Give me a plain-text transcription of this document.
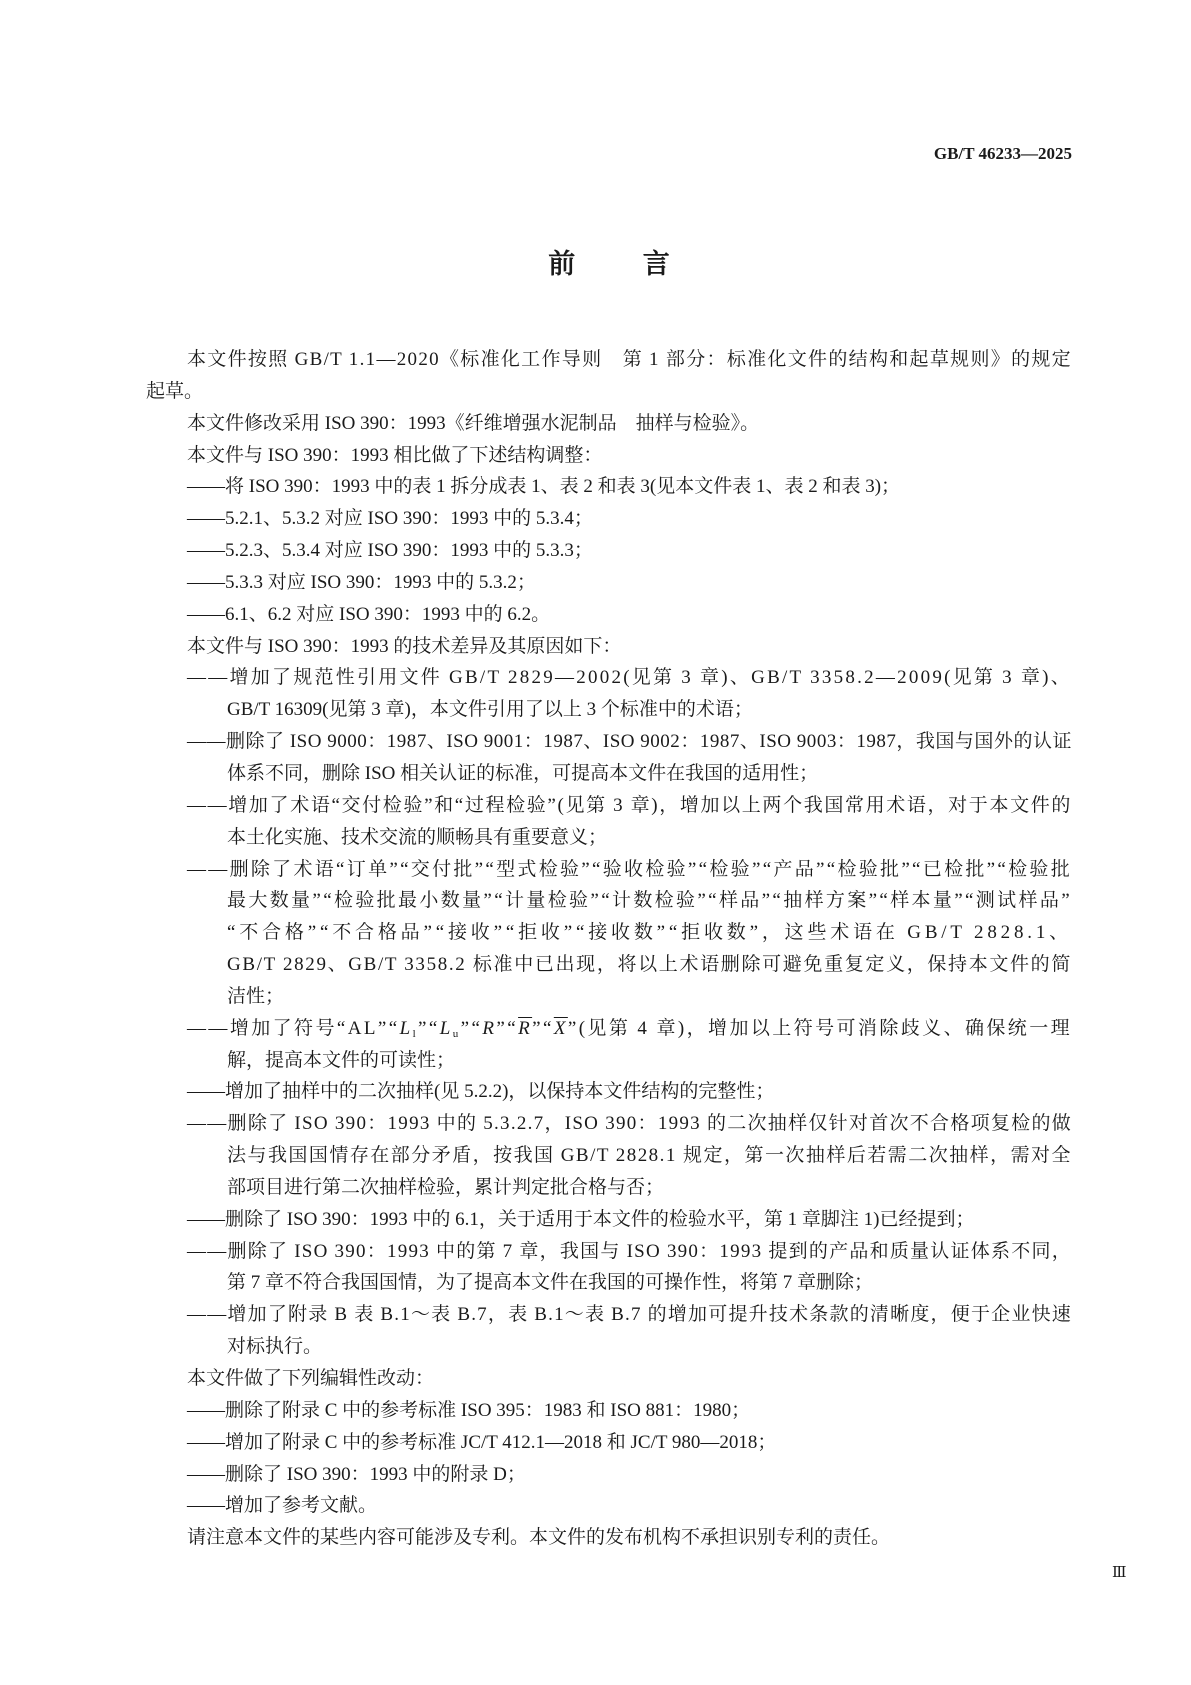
GB/T 46233—2025
前言
本文件按照 GB/T 1.1—2020《标准化工作导则　第 1 部分：标准化文件的结构和起草规则》的规定
起草。
本文件修改采用 ISO 390：1993《纤维增强水泥制品　抽样与检验》。
本文件与 ISO 390：1993 相比做了下述结构调整：
——将 ISO 390：1993 中的表 1 拆分成表 1、表 2 和表 3(见本文件表 1、表 2 和表 3)；
——5.2.1、5.3.2 对应 ISO 390：1993 中的 5.3.4；
——5.2.3、5.3.4 对应 ISO 390：1993 中的 5.3.3；
——5.3.3 对应 ISO 390：1993 中的 5.3.2；
——6.1、6.2 对应 ISO 390：1993 中的 6.2。
本文件与 ISO 390：1993 的技术差异及其原因如下：
——增加了规范性引用文件 GB/T 2829—2002(见第 3 章)、GB/T 3358.2—2009(见第 3 章)、
GB/T 16309(见第 3 章)，本文件引用了以上 3 个标准中的术语；
——删除了 ISO 9000：1987、ISO 9001：1987、ISO 9002：1987、ISO 9003：1987，我国与国外的认证
体系不同，删除 ISO 相关认证的标准，可提高本文件在我国的适用性；
——增加了术语“交付检验”和“过程检验”(见第 3 章)，增加以上两个我国常用术语，对于本文件的
本土化实施、技术交流的顺畅具有重要意义；
——删除了术语“订单”“交付批”“型式检验”“验收检验”“检验”“产品”“检验批”“已检批”“检验批
最大数量”“检验批最小数量”“计量检验”“计数检验”“样品”“抽样方案”“样本量”“测试样品”
“不合格”“不合格品”“接收”“拒收”“接收数”“拒收数”，这些术语在 GB/T 2828.1、
GB/T 2829、GB/T 3358.2 标准中已出现，将以上术语删除可避免重复定义，保持本文件的简
洁性；
——增加了符号“$AL”“L_l”“L_u”“R”“\overline{R}”“\overline{X}$”(见第 4 章)，增加以上符号可消除歧义、确保统一理
解，提高本文件的可读性；
——增加了抽样中的二次抽样(见 5.2.2)，以保持本文件结构的完整性；
——删除了 ISO 390：1993 中的 5.3.2.7，ISO 390：1993 的二次抽样仅针对首次不合格项复检的做
法与我国国情存在部分矛盾，按我国 GB/T 2828.1 规定，第一次抽样后若需二次抽样，需对全
部项目进行第二次抽样检验，累计判定批合格与否；
——删除了 ISO 390：1993 中的 6.1，关于适用于本文件的检验水平，第 1 章脚注 1)已经提到；
——删除了 ISO 390：1993 中的第 7 章，我国与 ISO 390：1993 提到的产品和质量认证体系不同，
第 7 章不符合我国国情，为了提高本文件在我国的可操作性，将第 7 章删除；
——增加了附录 B 表 B.1～表 B.7，表 B.1～表 B.7 的增加可提升技术条款的清晰度，便于企业快速
对标执行。
本文件做了下列编辑性改动：
——删除了附录 C 中的参考标准 ISO 395：1983 和 ISO 881：1980；
——增加了附录 C 中的参考标准 JC/T 412.1—2018 和 JC/T 980—2018；
——删除了 ISO 390：1993 中的附录 D；
——增加了参考文献。
请注意本文件的某些内容可能涉及专利。本文件的发布机构不承担识别专利的责任。
Ⅲ
